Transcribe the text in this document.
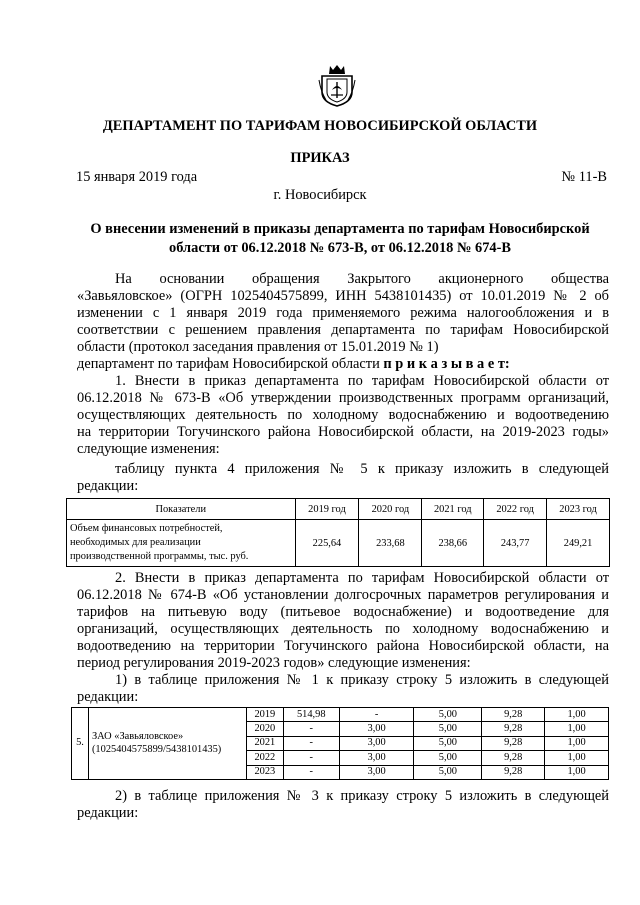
ДЕПАРТАМЕНТ ПО ТАРИФАМ НОВОСИБИРСКОЙ ОБЛАСТИ
ПРИКАЗ
15 января 2019 года	№ 11-В
г. Новосибирск
О внесении изменений в приказы департамента по тарифам Новосибирской
области от 06.12.2018 № 673-В, от 06.12.2018 № 674-В
На основании обращения Закрытого акционерного общества
«Завьяловское» (ОГРН 1025404575899, ИНН 5438101435) от 10.01.2019 № 2 об
изменении с 1 января 2019 года применяемого режима налогообложения и в
соответствии с решением правления департамента по тарифам Новосибирской
области (протокол заседания правления от 15.01.2019 № 1)
департамент по тарифам Новосибирской области п р и к а з ы в а е т:
1. Внести в приказ департамента по тарифам Новосибирской области от
06.12.2018 № 673-В «Об утверждении производственных программ организаций,
осуществляющих деятельность по холодному водоснабжению и водоотведению
на территории Тогучинского района Новосибирской области, на 2019-2023 годы»
следующие изменения:
таблицу пункта 4 приложения № 5 к приказу изложить в следующей
редакции:
Показатели	2019 год	2020 год	2021 год	2022 год	2023 год

Объем финансовых потребностей,
необходимых для реализации
производственной программы, тыс. руб.	225,64	233,68	238,66	243,77	249,21
2. Внести в приказ департамента по тарифам Новосибирской области от
06.12.2018 № 674-В «Об установлении долгосрочных параметров регулирования и
тарифов на питьевую воду (питьевое водоснабжение) и водоотведение для
организаций, осуществляющих деятельность по холодному водоснабжению и
водоотведению на территории Тогучинского района Новосибирской области, на
период регулирования 2019-2023 годов» следующие изменения:
1) в таблице приложения № 1 к приказу строку 5 изложить в следующей
редакции:
5.	ЗАО «Завьяловское»
(1025404575899/5438101435)	2019	514,98	-	5,00	9,28	1,00
		2020	-	3,00	5,00	9,28	1,00
		2021	-	3,00	5,00	9,28	1,00
		2022	-	3,00	5,00	9,28	1,00
		2023	-	3,00	5,00	9,28	1,00
2) в таблице приложения № 3 к приказу строку 5 изложить в следующей
редакции:
